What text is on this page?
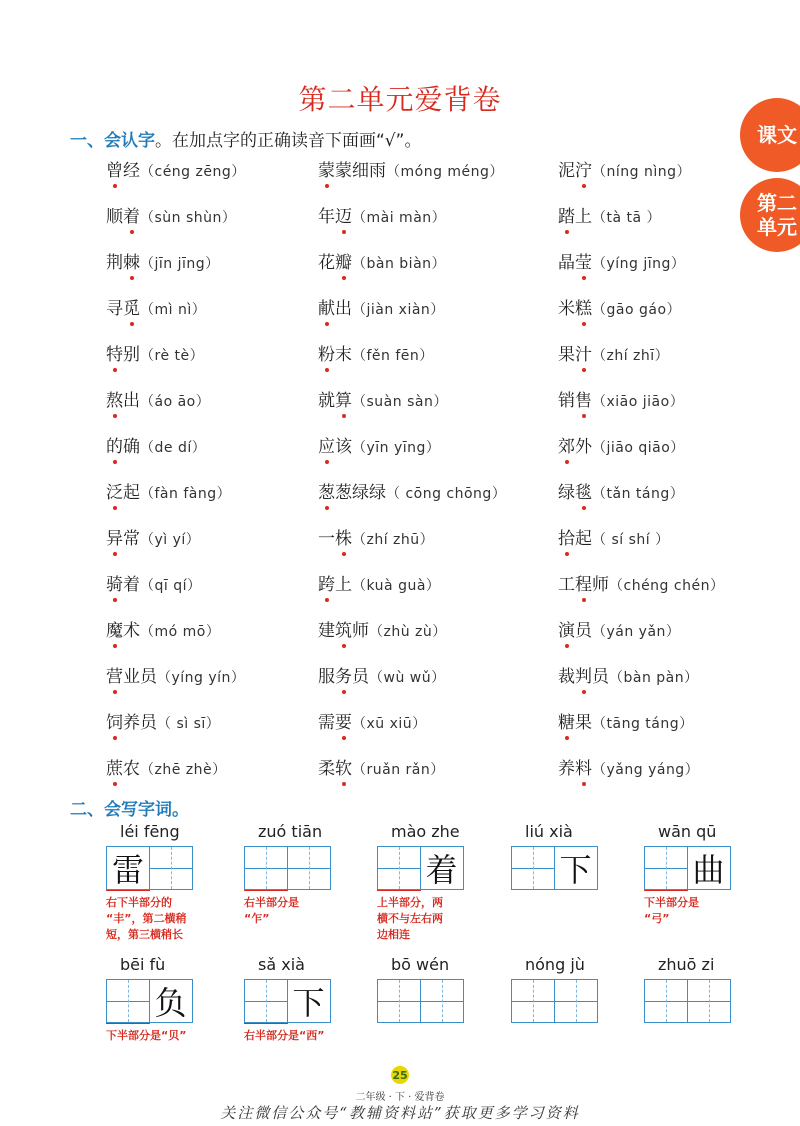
第二单元爱背卷
课文
第二
单元
一、会认字。在加点字的正确读音下面画“√”。
曾经（céng zēng）	蒙蒙细雨（móng méng）	泥泞（níng nìng）
顺着（sùn shùn）	年迈（mài màn）	踏上（tà tā ）
荆棘（jīn jīng）	花瓣（bàn biàn）	晶莹（yíng jīng）
寻觅（mì nì）	献出（jiàn xiàn）	米糕（gāo gáo）
特别（rè tè）	粉末（fěn fēn）	果汁（zhí zhī）
熬出（áo āo）	就算（suàn sàn）	销售（xiāo jiāo）
的确（de dí）	应该（yīn yīng）	郊外（jiāo qiāo）
泛起（fàn fàng）	葱葱绿绿（ cōng chōng）	绿毯（tǎn táng）
异常（yì yí）	一株（zhí zhū）	拾起（ sí shí ）
骑着（qī qí）	跨上（kuà guà）	工程师（chéng chén）
魔术（mó mō）	建筑师（zhù zù）	演员（yán yǎn）
营业员（yíng yín）	服务员（wù wǔ）	裁判员（bàn pàn）
饲养员（ sì sī）	需要（xū xiū）	糖果（tāng táng）
蔗农（zhē zhè）	柔软（ruǎn rǎn）	养料（yǎng yáng）
二、会写字词。
léi fēng
雷
右下半部分的
“丰”，第二横稍
短，第三横稍长
zuó tiān
右半部分是
“乍”
mào zhe
着
上半部分，两
横不与左右两
边相连
liú xià
下
wān qū
曲
下半部分是
“弓”
bēi fù
负
下半部分是“贝”
sǎ xià
下
右半部分是“西”
bō wén	nóng jù	zhuō zi
25
二年级 · 下 · 爱背卷
关注微信公众号“教辅资料站”获取更多学习资料
